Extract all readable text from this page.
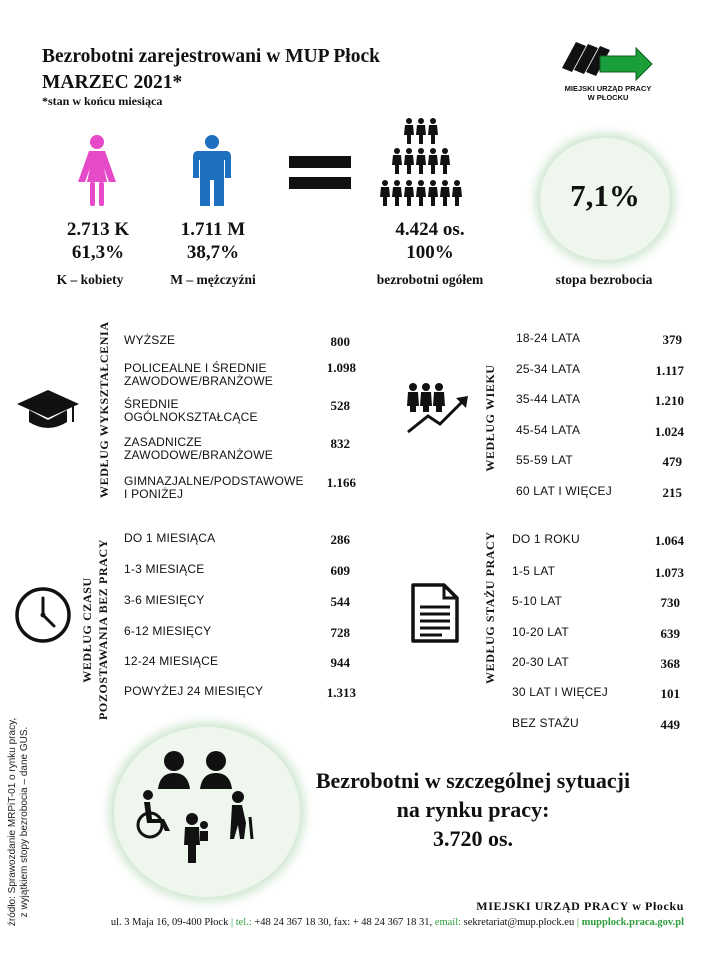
Bezrobotni zarejestrowani w MUP Płock
MARZEC 2021*
*stan w końcu miesiąca
MIEJSKI URZĄD PRACY
W PŁOCKU
2.713 K
61,3%
K – kobiety
1.711 M
38,7%
M – mężczyźni
4.424 os.
100%
bezrobotni ogółem
7,1%
stopa bezrobocia
WEDŁUG WYKSZTAŁCENIA WYŻSZE	800
POLICEALNE I ŚREDNIE ZAWODOWE/BRANŻOWE
1.098
ŚREDNIE OGÓLNOKSZTAŁCĄCE
528
ZASADNICZE ZAWODOWE/BRANŻOWE
832
GIMNAZJALNE/PODSTAWOWE I PONIŻEJ
1.166
WEDŁUG WIEKU
18-24 LATA	379
25-34 LATA	1.117
35-44 LATA	1.210
45-54 LATA	1.024
55-59 LAT	479
60 LAT I WIĘCEJ	215
WEDŁUG CZASU POZOSTAWANIA BEZ PRACY
DO 1 MIESIĄCA	286
1-3 MIESIĄCE	609
3-6 MIESIĘCY	544
6-12 MIESIĘCY	728
12-24 MIESIĄCE	944
POWYŻEJ 24 MIESIĘCY	1.313
WEDŁUG STAŻU PRACY DO 1 ROKU	1.064
1-5 LAT	1.073
5-10 LAT	730
10-20 LAT	639
20-30 LAT	368
30 LAT I WIĘCEJ	101
BEZ STAŻU	449
Bezrobotni w szczególnej sytuacji
na rynku pracy:
3.720 os.
źródło: Sprawozdanie MRPiT-01 o rynku pracy, z wyjątkiem stopy bezrobocia – dane GUS.	MIEJSKI URZĄD PRACY w Płocku
ul. 3 Maja 16, 09-400 Płock | tel.: +48 24 367 18 30, fax: + 48 24 367 18 31, email: sekretariat@mup.plock.eu | mupplock.praca.gov.pl
